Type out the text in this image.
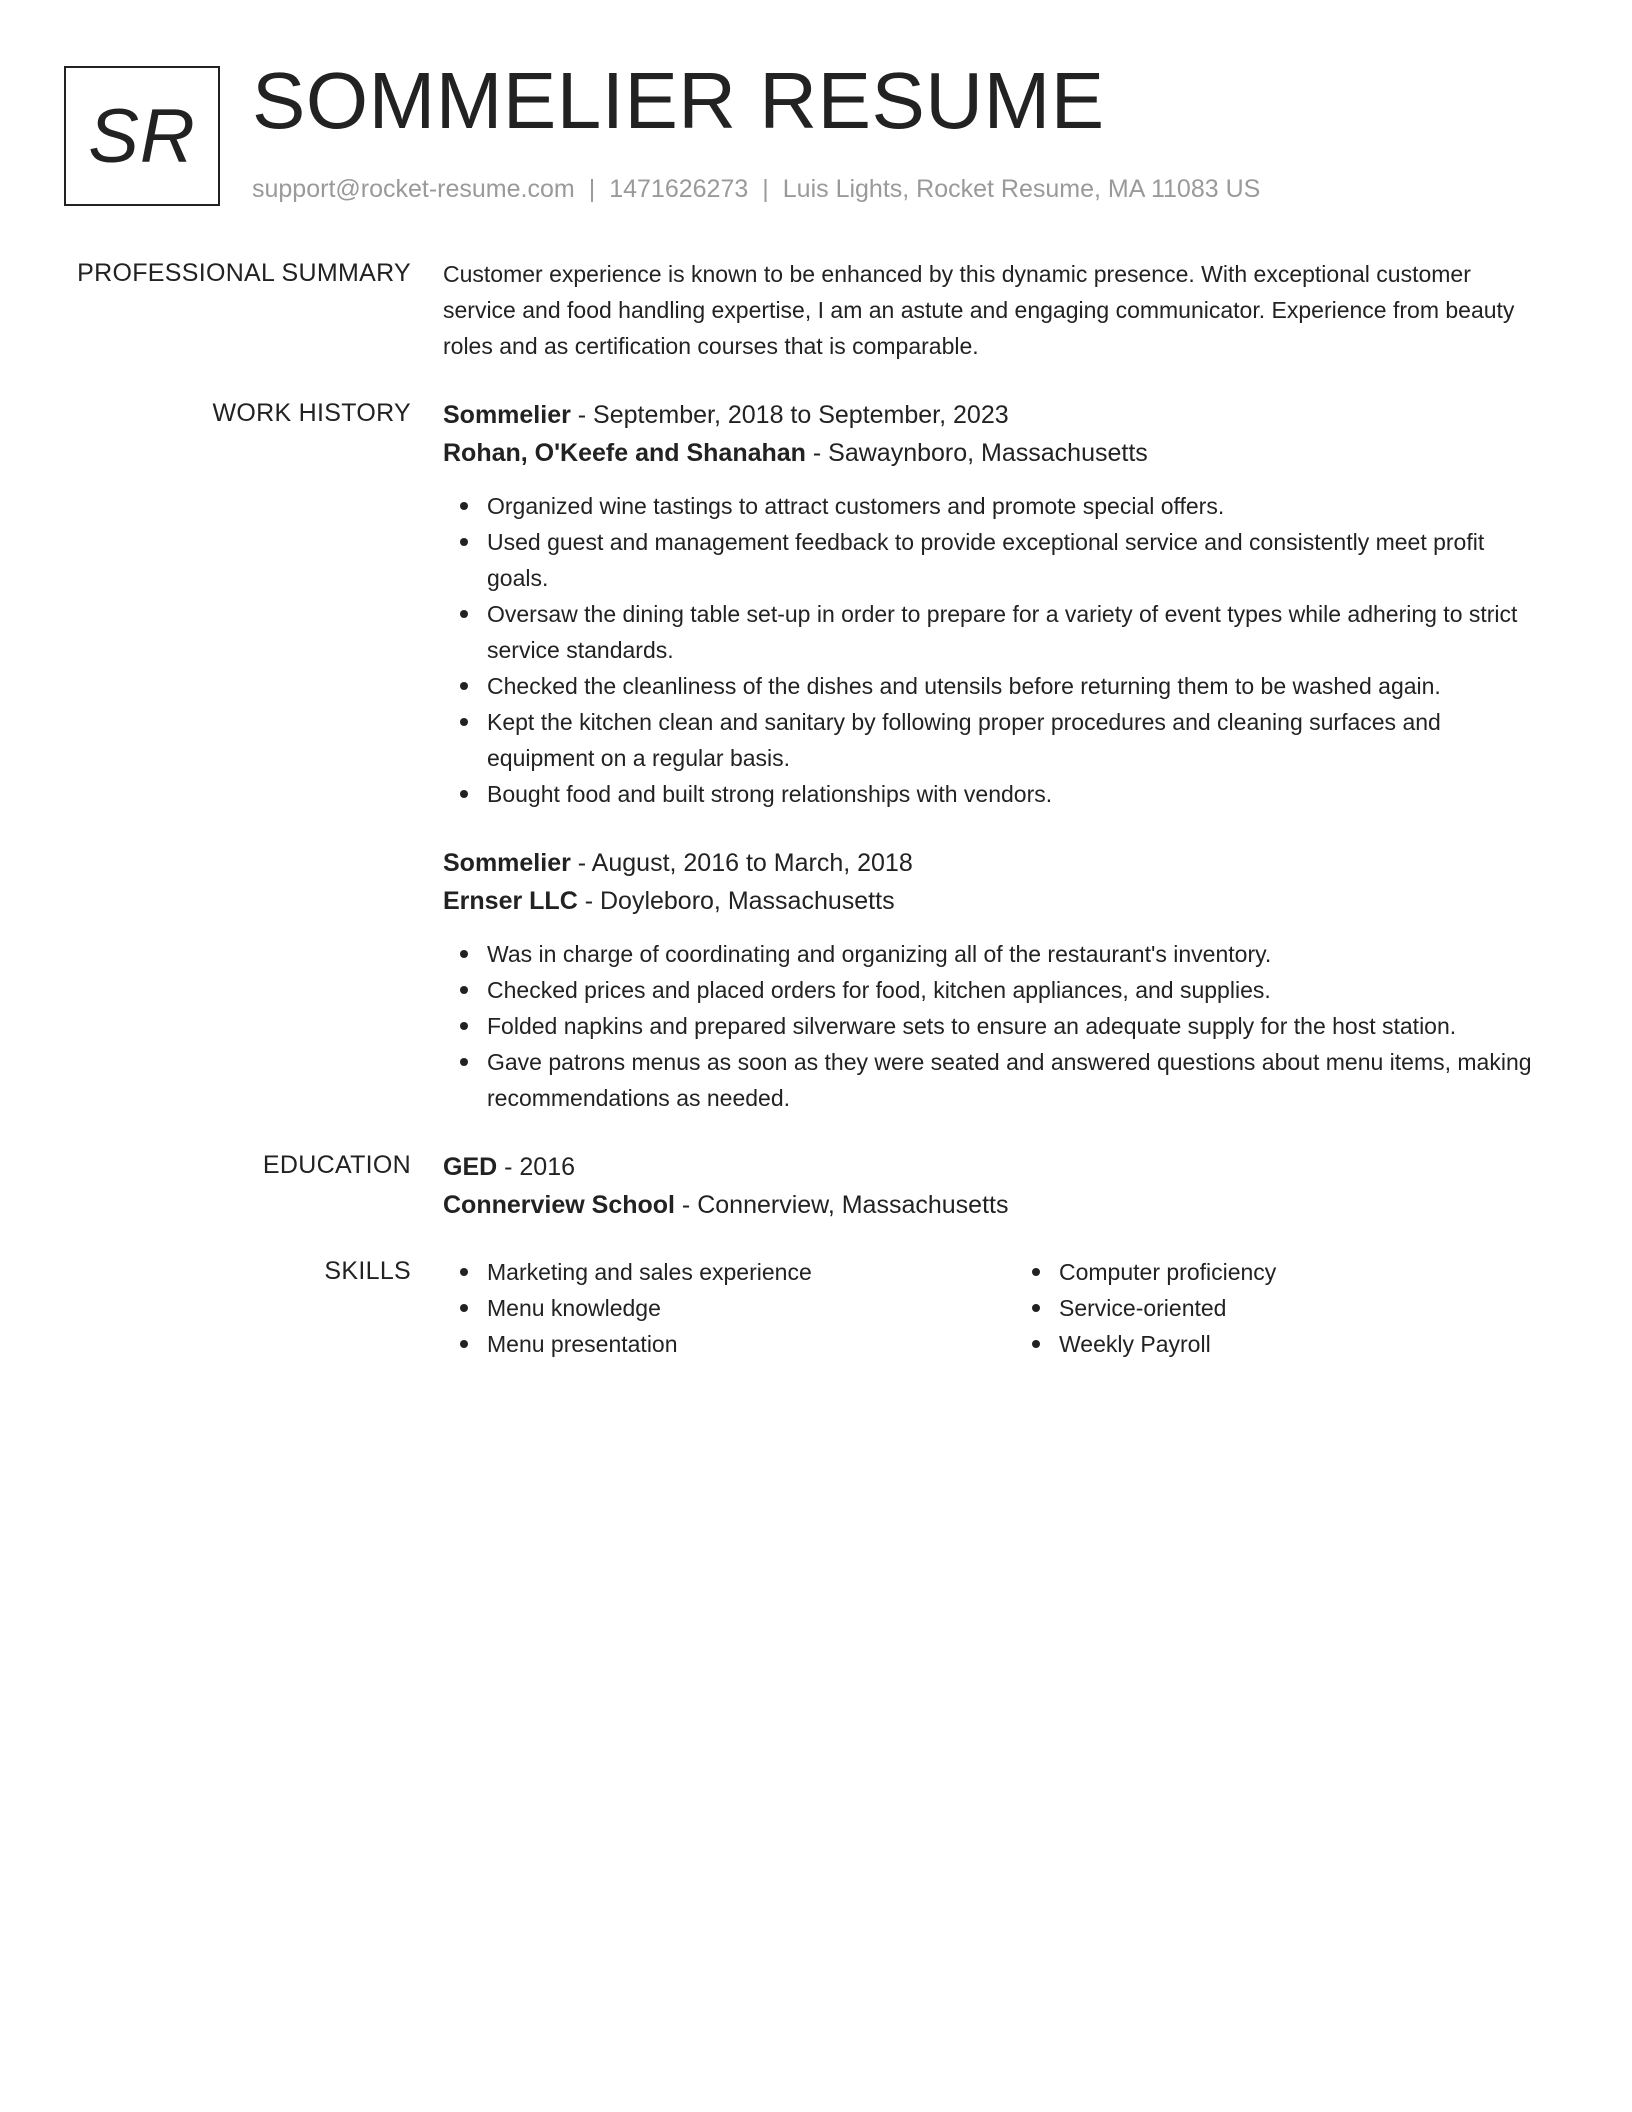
SR SOMMELIER RESUME
support@rocket-resume.com | 1471626273 | Luis Lights, Rocket Resume, MA 11083 US
PROFESSIONAL SUMMARY Customer experience is known to be enhanced by this dynamic presence. With exceptional customer service and food handling expertise, I am an astute and engaging communicator. Experience from beauty roles and as certification courses that is comparable.

WORK HISTORY Sommelier - September, 2018 to September, 2023

Rohan, O'Keefe and Shanahan - Sawaynboro, Massachusetts

Organized wine tastings to attract customers and promote special offers.
Used guest and management feedback to provide exceptional service and consistently meet profit goals.
Oversaw the dining table set-up in order to prepare for a variety of event types while adhering to strict service standards.
Checked the cleanliness of the dishes and utensils before returning them to be washed again.
Kept the kitchen clean and sanitary by following proper procedures and cleaning surfaces and equipment on a regular basis.
Bought food and built strong relationships with vendors.

Sommelier - August, 2016 to March, 2018

Ernser LLC - Doyleboro, Massachusetts

Was in charge of coordinating and organizing all of the restaurant's inventory.
Checked prices and placed orders for food, kitchen appliances, and supplies.
Folded napkins and prepared silverware sets to ensure an adequate supply for the host station.
Gave patrons menus as soon as they were seated and answered questions about menu items, making recommendations as needed.
EDUCATION GED - 2016

Connerview School - Connerview, Massachusetts

SKILLS	Marketing and sales experience
Menu knowledge
Menu presentation
Computer proficiency
Service-oriented
Weekly Payroll
